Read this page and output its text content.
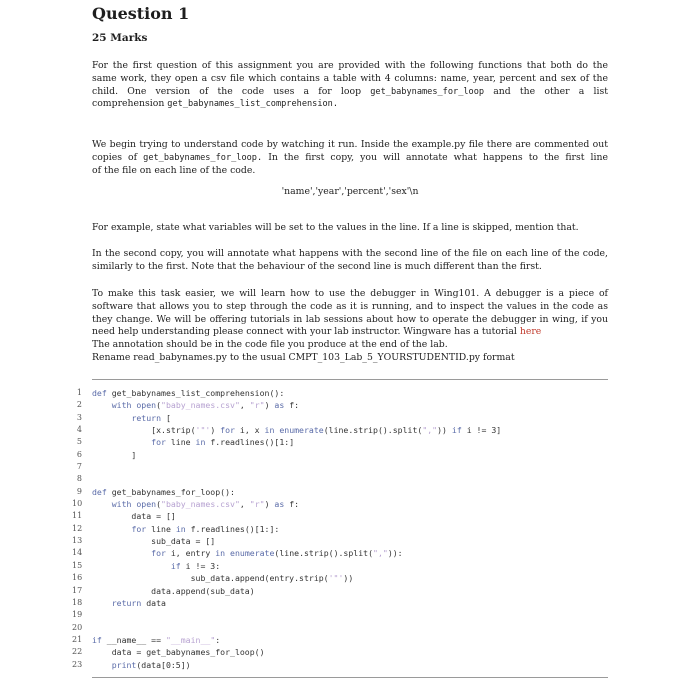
Question 1
25 Marks
For the first question of this assignment you are provided with the following functions that both do the
same work, they open a csv file which contains a table with 4 columns: name, year, percent and sex of the
child. One version of the code uses a for loop get_babynames_for_loop and the other a list
comprehension get_babynames_list_comprehension.
We begin trying to understand code by watching it run. Inside the example.py file there are commented out
copies of get_babynames_for_loop. In the first copy, you will annotate what happens to the first line
of the file on each line of the code.
'name','year','percent','sex'\n
For example, state what variables will be set to the values in the line. If a line is skipped, mention that.
In the second copy, you will annotate what happens with the second line of the file on each line of the code,
similarly to the first. Note that the behaviour of the second line is much different than the first.
To make this task easier, we will learn how to use the debugger in Wing101. A debugger is a piece of
software that allows you to step through the code as it is running, and to inspect the values in the code as
they change. We will be offering tutorials in lab sessions about how to operate the debugger in wing, if you
need help understanding please connect with your lab instructor. Wingware has a tutorial here
The annotation should be in the code file you produce at the end of the lab.
Rename read_babynames.py to the usual CMPT_103_Lab_5_YOURSTUDENTID.py format
1 def get_babynames_list_comprehension():
2	with open("baby_names.csv", "r") as f:
3	return [
4 [x.strip('"') for i, x in enumerate(line.strip().split(",")) if i != 3]
5	for line in f.readlines()[1:]
6 ]
7
8
9 def get_babynames_for_loop():
10	with open("baby_names.csv", "r") as f:
11 data = []
12	for line in f.readlines()[1:]:
13 sub_data = []
14	for i, entry in enumerate(line.strip().split(",")):
15	if i != 3:
16 sub_data.append(entry.strip('"'))
17 data.append(sub_data)
18	return data
19
20
21 if __name__ == "__main__":
22 data = get_babynames_for_loop()
23	print(data[0:5])
